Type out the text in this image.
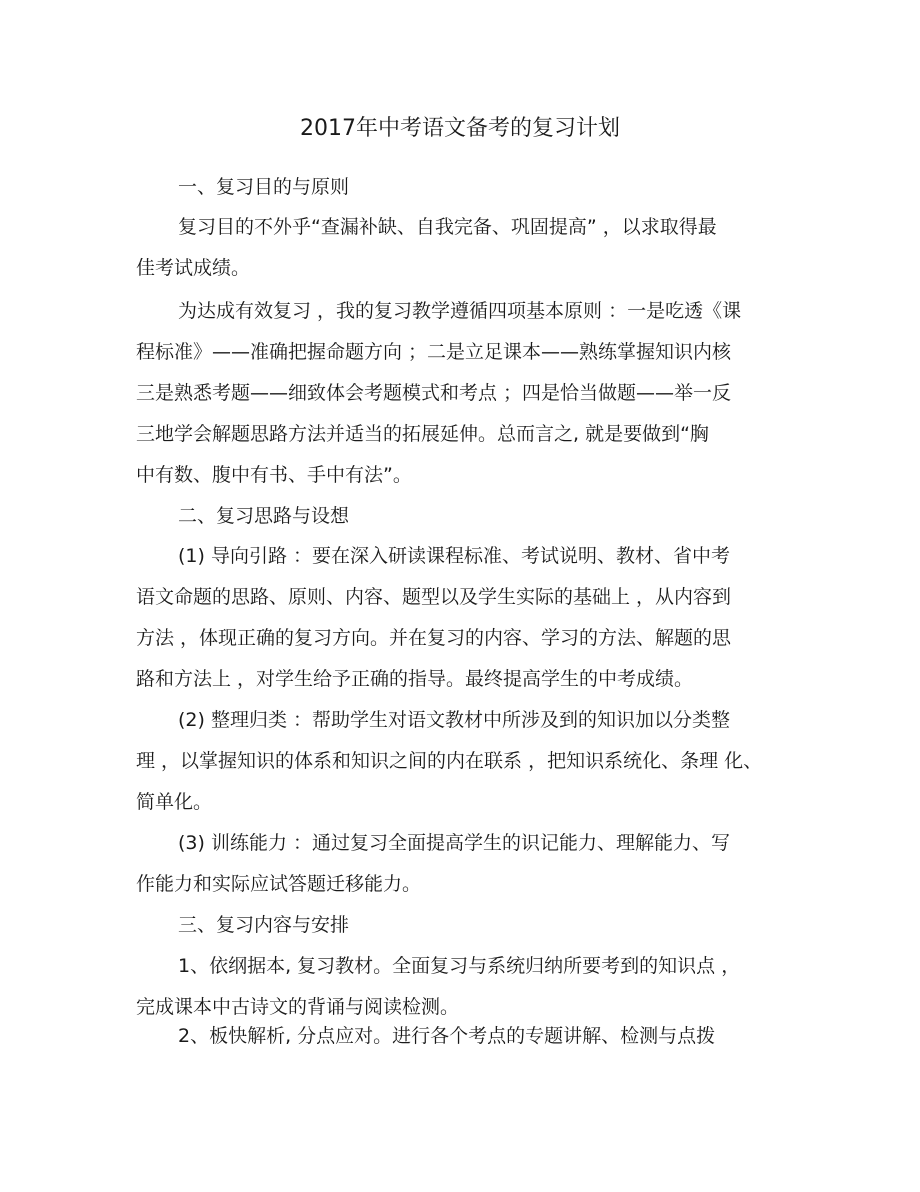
2017年中考语文备考的复习计划
一、复习目的与原则
复习目的不外乎“查漏补缺、自我完备、巩固提高” ，以求取得最
佳考试成绩。
为达成有效复习 ，我的复习教学遵循四项基本原则 ：一是吃透《课
程标准》——准确把握命题方向 ；二是立足课本——熟练掌握知识内核
三是熟悉考题——细致体会考题模式和考点 ；四是恰当做题——举一反
三地学会解题思路方法并适当的拓展延伸。总而言之, 就是要做到“胸
中有数、腹中有书、手中有法”。
二、复习思路与设想
(1) 导向引路 ：要在深入研读课程标准、考试说明、教材、省中考
语文命题的思路、原则、内容、题型以及学生实际的基础上 ，从内容到
方法 ，体现正确的复习方向。并在复习的内容、学习的方法、解题的思
路和方法上 ，对学生给予正确的指导。最终提高学生的中考成绩。
(2) 整理归类 ：帮助学生对语文教材中所涉及到的知识加以分类整
理 ，以掌握知识的体系和知识之间的内在联系 ，把知识系统化、条理 化、
简单化。
(3) 训练能力 ：通过复习全面提高学生的识记能力、理解能力、写
作能力和实际应试答题迁移能力。
三、复习内容与安排
1、依纲据本, 复习教材。全面复习与系统归纳所要考到的知识点 ，
完成课本中古诗文的背诵与阅读检测。
2、板快解析, 分点应对。进行各个考点的专题讲解、检测与点拨
